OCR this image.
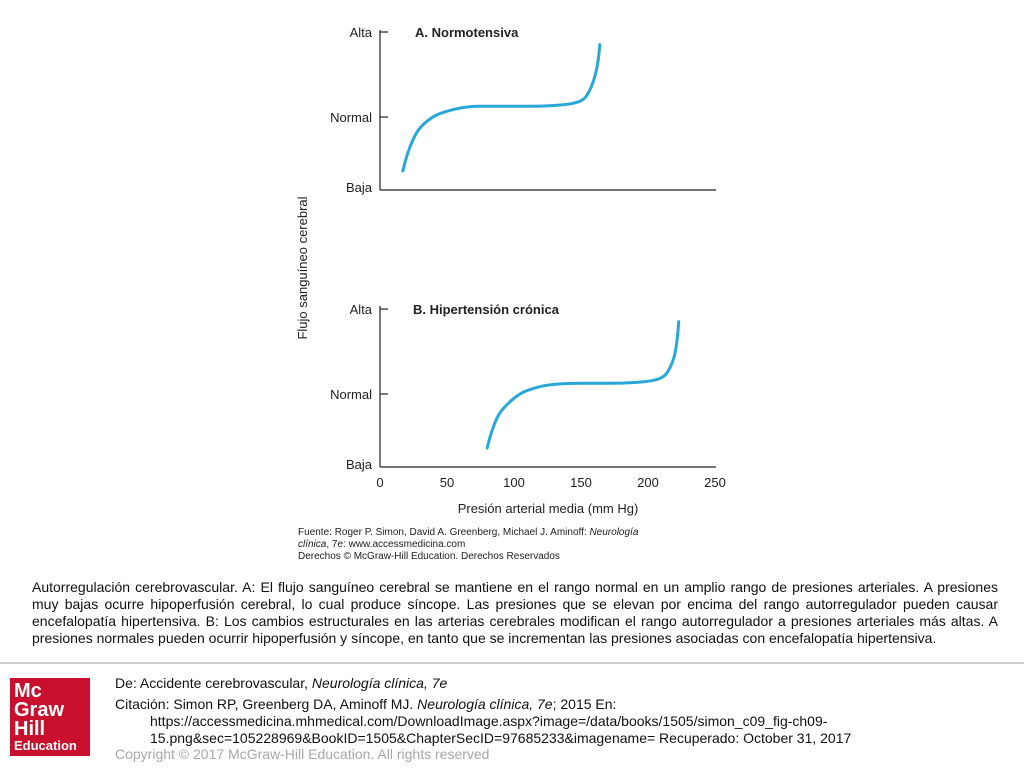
Alta
Normal
Baja
A. Normotensiva
Flujo sanguíneo cerebral	Alta
Normal
Baja
B. Hipertensión crónica
0	50	100	150	200	250
Presión arterial media (mm Hg)
Fuente: Roger P. Simon, David A. Greenberg, Michael J. Aminoff: Neurología
clínica, 7e: www.accessmedicina.com
Derechos © McGraw-Hill Education. Derechos Reservados
Autorregulación cerebrovascular. A: El flujo sanguíneo cerebral se mantiene en el rango normal en un amplio rango de presiones arteriales. A presiones muy bajas ocurre hipoperfusión cerebral, lo cual produce síncope. Las presiones que se elevan por encima del rango autorregulador pueden causar encefalopatía hipertensiva. B: Los cambios estructurales en las arterias cerebrales modifican el rango autorregulador a presiones arteriales más altas. A presiones normales pueden ocurrir hipoperfusión y síncope, en tanto que se incrementan las presiones asociadas con encefalopatía hipertensiva.
Mc
Graw
Hill
Education
De: Accidente cerebrovascular, Neurología clínica, 7e
Citación: Simon RP, Greenberg DA, Aminoff MJ. Neurología clínica, 7e; 2015 En:
https://accessmedicina.mhmedical.com/DownloadImage.aspx?image=/data/books/1505/simon_c09_fig-ch09-
15.png&sec=105228969&BookID=1505&ChapterSecID=97685233&imagename= Recuperado: October 31, 2017
Copyright © 2017 McGraw-Hill Education. All rights reserved
